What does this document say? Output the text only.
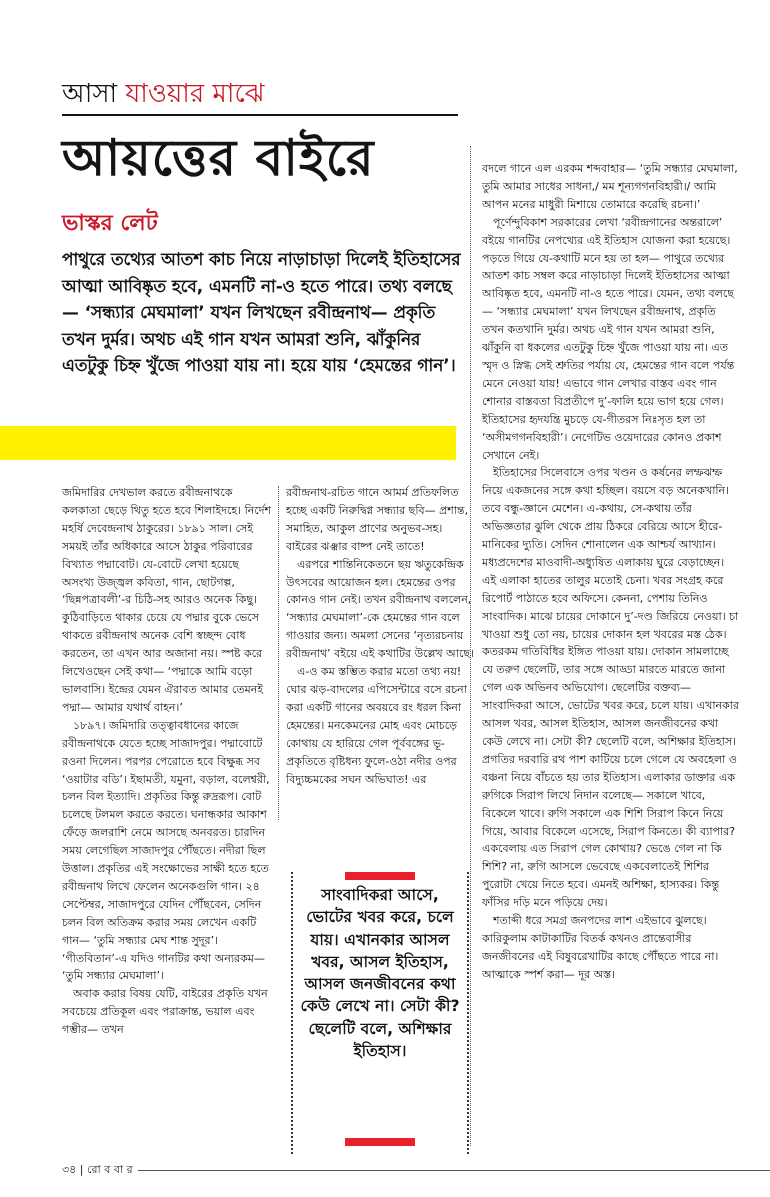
আসা যাওয়ার মাঝে
আয়ত্তের বাইরে
ভাস্কর লেট
পাথুরে তথ্যের আতশ কাচ নিয়ে নাড়াচাড়া দিলেই ইতিহাসের আত্মা আবিষ্কৃত হবে, এমনটি না-ও হতে পারে। তথ্য বলছে— ‘সন্ধ্যার মেঘমালা’ যখন লিখছেন রবীন্দ্রনাথ— প্রকৃতি তখন দুর্মর। অথচ এই গান যখন আমরা শুনি, ঝাঁকুনির এতটুকু চিহ্ন খুঁজে পাওয়া যায় না। হয়ে যায় ‘হেমন্তের গান’।

জমিদারির দেখভাল করতে রবীন্দ্রনাথকে কলকাতা ছেড়ে থিতু হতে হবে শিলাইদহে। নির্দেশ মহর্ষি দেবেন্দ্রনাথ ঠাকুরের। ১৮৯১ সাল। সেই সময়ই তাঁর অধিকারে আসে ঠাকুর পরিবারের বিখ্যাত পদ্মাবোট। যে-বোটে লেখা হয়েছে অসংখ্য উজ্জ্বল কবিতা, গান, ছোটগল্প, ‘ছিন্নপত্রাবলী’-র চিঠি-সহ আরও অনেক কিছু। কুঠিবাড়িতে থাকার চেয়ে যে পদ্মার বুকে ভেসে থাকতে রবীন্দ্রনাথ অনেক বেশি স্বচ্ছন্দ বোধ করতেন, তা এখন আর অজানা নয়। স্পষ্ট করে লিখেওছেন সেই কথা— ‘পদ্মাকে আমি বড়ো ভালবাসি। ইন্দ্রের যেমন ঐরাবত আমার তেমনই পদ্মা— আমার যথার্থ বাহন।’

১৮৯৭। জমিদারি তত্ত্বাবধানের কাজে রবীন্দ্রনাথকে যেতে হচ্ছে সাজাদপুর। পদ্মাবোটে রওনা দিলেন। পরপর পেরোতে হবে বিক্ষুব্ধ সব ‘ওয়াটার বডি’। ইছামতী, যমুনা, বড়াল, বলেশ্বরী, চলন বিল ইত্যাদি। প্রকৃতির কিন্তু রুদ্ররূপ। বোট চলেছে টলমল করতে করতে। ঘনান্ধকার আকাশ ফেঁড়ে জলরাশি নেমে আসছে অনবরত। চারদিন সময় লেগেছিল সাজাদপুর পৌঁছতে। নদীরা ছিল উত্তাল। প্রকৃতির এই সংক্ষোভের সাক্ষী হতে হতে রবীন্দ্রনাথ লিখে ফেলেন অনেকগুলি গান। ২৪ সেপ্টেম্বর, সাজাদপুরে যেদিন পৌঁছবেন, সেদিন চলন বিল অতিক্রম করার সময় লেখেন একটি গান— ‘তুমি সন্ধ্যার মেঘ শান্ত সুদূর’। ‘গীতবিতান’-এ যদিও গানটির কথা অন্যরকম— ‘তুমি সন্ধ্যার মেঘমালা’।

অবাক করার বিষয় যেটি, বাইরের প্রকৃতি যখন সবচেয়ে প্রতিকূল এবং পরাক্রান্ত, ভয়াল এবং গম্ভীর— তখন

রবীন্দ্রনাথ-রচিত গানে আমর্ম প্রতিফলিত হচ্ছে একটি নিরুদ্বিগ্ন সন্ধ্যার ছবি— প্রশান্ত, সমাহিত, আকুল প্রাণের অনুভব-সহ। বাইরের ঝঞ্ঝার বাষ্প নেই তাতে!

এরপরে শান্তিনিকেতনে ছয় ঋতুকেন্দ্রিক উৎসবের আয়োজন হল। হেমন্তের ওপর কোনও গান নেই। তখন রবীন্দ্রনাথ বললেন, ‘সন্ধ্যার মেঘমালা’-কে হেমন্তের গান বলে গাওয়ার জন্য। অমলা সেনের ‘নৃত্যরচনায় রবীন্দ্রনাথ’ বইয়ে এই কথাটির উল্লেখ আছে।

এ-ও কম স্তম্ভিত করার মতো তথ্য নয়! ঘোর ঝড়-বাদলের এপিসেন্টারে বসে রচনা করা একটি গানের অবয়বে রং ধরল কিনা হেমন্তের। মনকেমনের মোহ এবং মোচড়ে কোথায় যে হারিয়ে গেল পূর্ববঙ্গের ভূ-প্রকৃতিতে বৃষ্টিধন্য ফুলে-ওঠা নদীর ওপর বিদ্যুচ্চমকের সঘন অভিঘাত! এর

সাংবাদিকরা আসে, ভোটের খবর করে, চলে যায়। এখানকার আসল খবর, আসল ইতিহাস, আসল জনজীবনের কথা কেউ লেখে না। সেটা কী? ছেলেটি বলে, অশিক্ষার ইতিহাস।

বদলে গানে এল এরকম শব্দবাহার— ‘তুমি সন্ধ্যার মেঘমালা, তুমি আমার সাধের সাধনা,/ মম শূন্যগগনবিহারী।/ আমি আপন মনের মাধুরী মিশায়ে তোমারে করেছি রচনা।’

পূর্ণেন্দুবিকাশ সরকারের লেখা ‘রবীন্দ্রগানের অন্তরালে’ বইয়ে গানটির নেপথ্যের এই ইতিহাস যোজনা করা হয়েছে। পড়তে গিয়ে যে-কথাটি মনে হয় তা হল— পাথুরে তথ্যের আতশ কাচ সম্বল করে নাড়াচাড়া দিলেই ইতিহাসের আত্মা আবিষ্কৃত হবে, এমনটি না-ও হতে পারে। যেমন, তথ্য বলছে— ‘সন্ধ্যার মেঘমালা’ যখন লিখছেন রবীন্দ্রনাথ, প্রকৃতি তখন কতখানি দুর্মর। অথচ এই গান যখন আমরা শুনি, ঝাঁকুনি বা ধকলের এতটুকু চিহ্ন খুঁজে পাওয়া যায় না। এত স্মৃদ ও স্নিগ্ধ সেই শ্রুতির পর্যায় যে, হেমন্তের গান বলে পর্যন্ত মেনে নেওয়া যায়! এভাবে গান লেখার বাস্তব এবং গান শোনার বাস্তবতা বিপ্রতীপে দু’-ফালি হয়ে ভাগ হয়ে গেল। ইতিহাসের হৃদযন্ত্রি মুচড়ে যে-গীতরস নিঃসৃত হল তা ‘অসীমগগনবিহারী’। নেগেটিভ ওয়েদারের কোনও প্রকাশ সেখানে নেই।

ইতিহাসের সিলেবাসে ওপর খণ্ডন ও কর্ষনের লম্ফঝম্ফ নিয়ে একজনের সঙ্গে কথা হচ্ছিল। বয়সে বড় অনেকখানি। তবে বন্ধু-জ্ঞানে মেশেন। এ-কথায়, সে-কথায় তাঁর অভিজ্ঞতার ঝুলি থেকে প্রায় ঠিকরে বেরিয়ে আসে হীরে-মানিকের দ্যুতি। সেদিন শোনালেন এক আশ্চর্য আখ্যান। মধ্যপ্রদেশের মাওবাদী-অধ্যুষিত এলাকায় ঘুরে বেড়াচ্ছেন। এই এলাকা হাতের তালুর মতোই চেনা। খবর সংগ্রহ করে রিপোর্ট পাঠাতে হবে অফিসে। কেননা, পেশায় তিনিও সাংবাদিক। মাঝে চায়ের দোকানে দু’-দণ্ড জিরিয়ে নেওয়া। চা খাওয়া শুধু তো নয়, চায়ের দোকান হল খবরের মস্ত ঠেক। কতরকম গতিবিধির ইঙ্গিত পাওয়া যায়। দোকান সামলাচ্ছে যে তরুণ ছেলেটি, তার সঙ্গে আড্ডা মারতে মারতে জানা গেল এক অভিনব অভিযোগ। ছেলেটির বক্তব্য— সাংবাদিকরা আসে, ভোটের খবর করে, চলে যায়। এখানকার আসল খবর, আসল ইতিহাস, আসল জনজীবনের কথা কেউ লেখে না। সেটা কী? ছেলেটি বলে, অশিক্ষার ইতিহাস। প্রগতির দরবারি রথ পাশ কাটিয়ে চলে গেলে যে অবহেলা ও বঞ্চনা নিয়ে বাঁচতে হয় তার ইতিহাস। এলাকার ডাক্তার এক রুগিকে সিরাপ লিখে নিদান বলেছে— সকালে খাবে, বিকেলে খাবে। রুগি সকালে এক শিশি সিরাপ কিনে নিয়ে গিয়ে, আবার বিকেলে এসেছে, সিরাপ কিনতে। কী ব্যাপার? একবেলায় এত সিরাপ গেল কোথায়? ভেঙে গেল না কি শিশি? না, রুগি আসলে ভেবেছে একবেলাতেই শিশির পুরোটা খেয়ে নিতে হবে। এমনই অশিক্ষা, হাস্যকর। কিন্তু ফাঁসির দড়ি মনে পড়িয়ে দেয়।

শতাব্দী ধরে সমগ্র জনপদের লাশ এইভাবে ঝুলছে। কারিকুলাম কাটাকাটির বিতর্ক কখনও প্রান্তেবাসীর জনজীবনের এই বিষুবরেখাটির কাছে পৌঁছতে পারে না। আত্মাকে স্পর্শ করা— দূর অস্ত।

৩৪ | রো ব বা র
